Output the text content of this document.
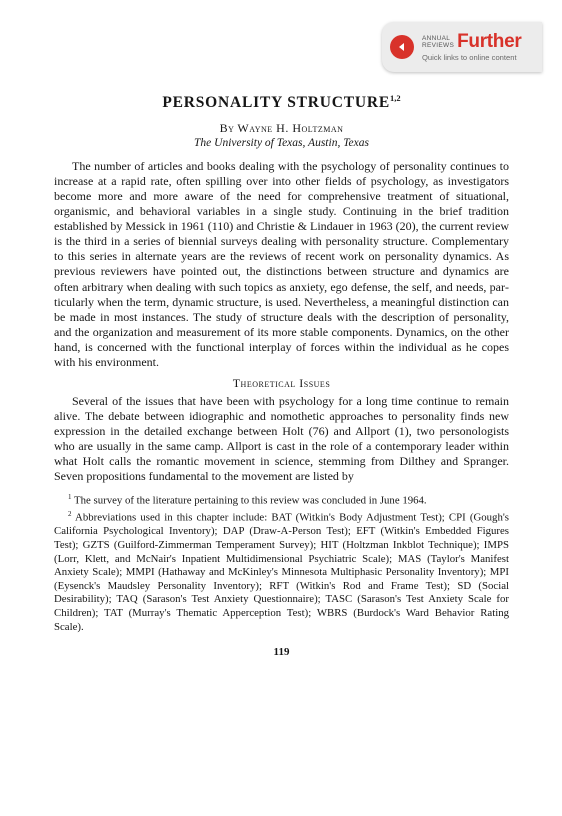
ANNUAL
REVIEWS Further
Quick links to online content
PERSONALITY STRUCTURE$^{1,2}$
By Wayne H. Holtzman
The University of Texas, Austin, Texas

The number of articles and books dealing with the psychology of personality continues to increase at a rapid rate, often spilling over into other fields of psychology, as investigators become more and more aware of the need for comprehensive treatment of situational, organismic, and behavioral variables in a single study. Continuing in the brief tradition established by Messick in 1961 (110) and Christie & Lindauer in 1963 (20), the current review is the third in a series of biennial surveys dealing with personality structure. Complementary to this series in alternate years are the reviews of recent work on personality dynamics. As previous reviewers have pointed out, the distinctions between structure and dynamics are often arbitrary when dealing with such topics as anxiety, ego defense, the self, and needs, particularly when the term, dynamic structure, is used. Nevertheless, a meaningful distinction can be made in most instances. The study of structure deals with the description of personality, and the organization and measurement of its more stable components. Dynamics, on the other hand, is concerned with the functional interplay of forces within the individual as he copes with his environment.

Theoretical Issues

Several of the issues that have been with psychology for a long time continue to remain alive. The debate between idiographic and nomothetic approaches to personality finds new expression in the detailed exchange between Holt (76) and Allport (1), two personologists who are usually in the same camp. Allport is cast in the role of a contemporary leader within what Holt calls the romantic movement in science, stemming from Dilthey and Spranger. Seven propositions fundamental to the movement are listed by

$^1$ The survey of the literature pertaining to this review was concluded in June 1964.

$^2$ Abbreviations used in this chapter include: BAT (Witkin's Body Adjustment Test); CPI (Gough's California Psychological Inventory); DAP (Draw-A-Person Test); EFT (Witkin's Embedded Figures Test); GZTS (Guilford-Zimmerman Temperament Survey); HIT (Holtzman Inkblot Technique); IMPS (Lorr, Klett, and McNair's Inpatient Multidimensional Psychiatric Scale); MAS (Taylor's Manifest Anxiety Scale); MMPI (Hathaway and McKinley's Minnesota Multiphasic Personality Inventory); MPI (Eysenck's Maudsley Personality Inventory); RFT (Witkin's Rod and Frame Test); SD (Social Desirability); TAQ (Sarason's Test Anxiety Questionnaire); TASC (Sarason's Test Anxiety Scale for Children); TAT (Murray's Thematic Apperception Test); WBRS (Burdock's Ward Behavior Rating Scale).

119
